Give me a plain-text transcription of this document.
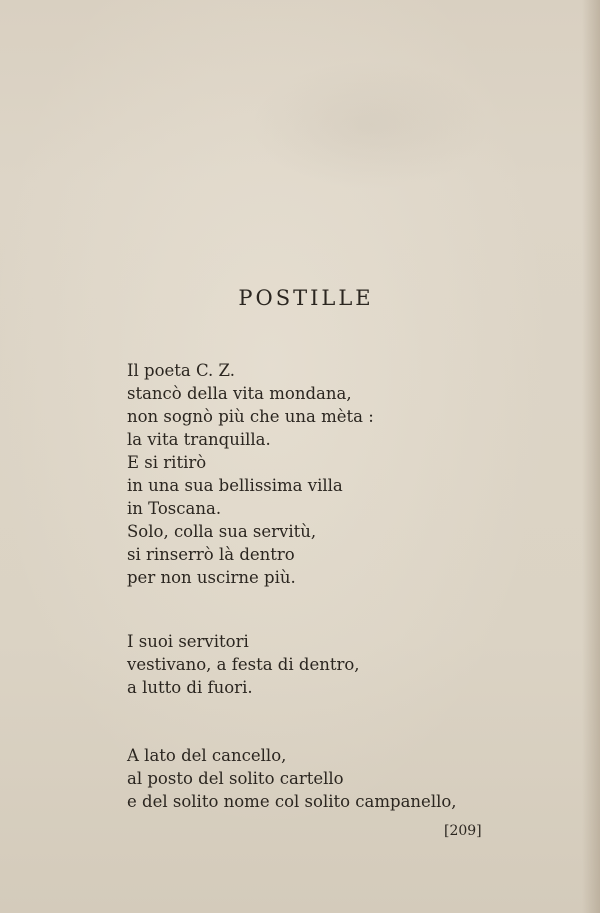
POSTILLE
Il poeta C. Z.
stancò della vita mondana,
non sognò più che una mèta :
la vita tranquilla.
E si ritirò
in una sua bellissima villa
in Toscana.
Solo, colla sua servitù,
si rinserrò là dentro
per non uscirne più.
I suoi servitori
vestivano, a festa di dentro,
a lutto di fuori.
A lato del cancello,
al posto del solito cartello
e del solito nome col solito campanello,
[209]
